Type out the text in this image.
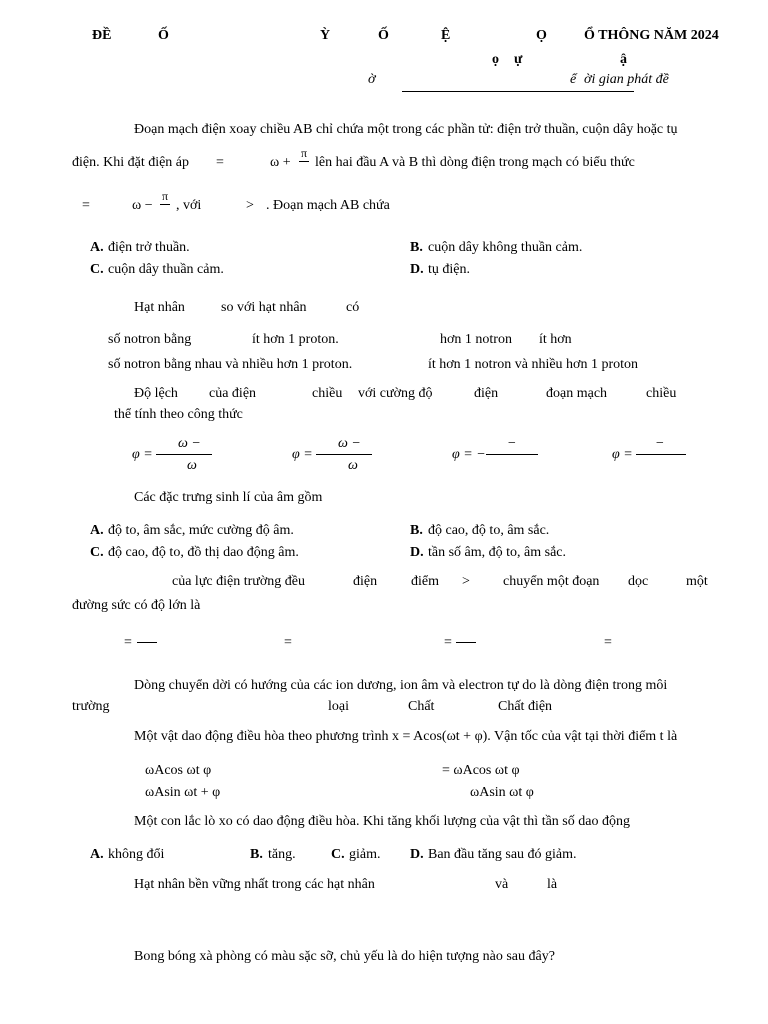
ĐỀ	Ố	Ỳ	Ố	Ệ	Ọ	Ổ THÔNG NĂM 2024
ọ ự	ậ
ờ	ể ời gian phát đề
Đoạn mạch điện xoay chiều AB chỉ chứa một trong các phần tử: điện trở thuần, cuộn dây hoặc tụ
điện. Khi đặt điện áp =	ω +
π
lên hai đầu A và B thì dòng điện trong mạch có biểu thức
=	ω −
π
, với	> . Đoạn mạch AB chứa
A. điện trở thuần.	B. cuộn dây không thuần cảm.
C. cuộn dây thuần cảm.	D. tụ điện.
Hạt nhân	so với hạt nhân	có
số notron bằng	ít hơn 1 proton.	hơn 1 notron ít hơn
số notron bằng nhau và nhiều hơn 1 proton.	ít hơn 1 notron và nhiều hơn 1 proton
Độ lệch của điện	chiều với cường độ	điện	đoạn mạch	chiều
thể tính theo công thức
φ =
ω −
ω
φ =
ω −
ω
φ = −
−
φ =
−
Các đặc trưng sinh lí của âm gồm
A. độ to, âm sắc, mức cường độ âm.	B. độ cao, độ to, âm sắc.
C. độ cao, độ to, đồ thị dao động âm.	D. tần số âm, độ to, âm sắc.
của lực điện trường đều	điện điểm > chuyển một đoạn dọc	một
đường sức có độ lớn là
=	=	=	=
Dòng chuyển dời có hướng của các ion dương, ion âm và electron tự do là dòng điện trong môi
trường	loại	Chất	Chất điện
Một vật dao động điều hòa theo phương trình x = Acos(ωt + φ). Vận tốc của vật tại thời điểm t là
ωAcos ωt φ	= ωAcos ωt φ
ωAsin ωt + φ	ωAsin ωt φ
Một con lắc lò xo có dao động điều hòa. Khi tăng khối lượng của vật thì tần số dao động
A. không đổi	B. tăng.	C. giảm. D. Ban đầu tăng sau đó giảm.
Hạt nhân bền vững nhất trong các hạt nhân	và	là
Bong bóng xà phòng có màu sặc sỡ, chủ yếu là do hiện tượng nào sau đây?
